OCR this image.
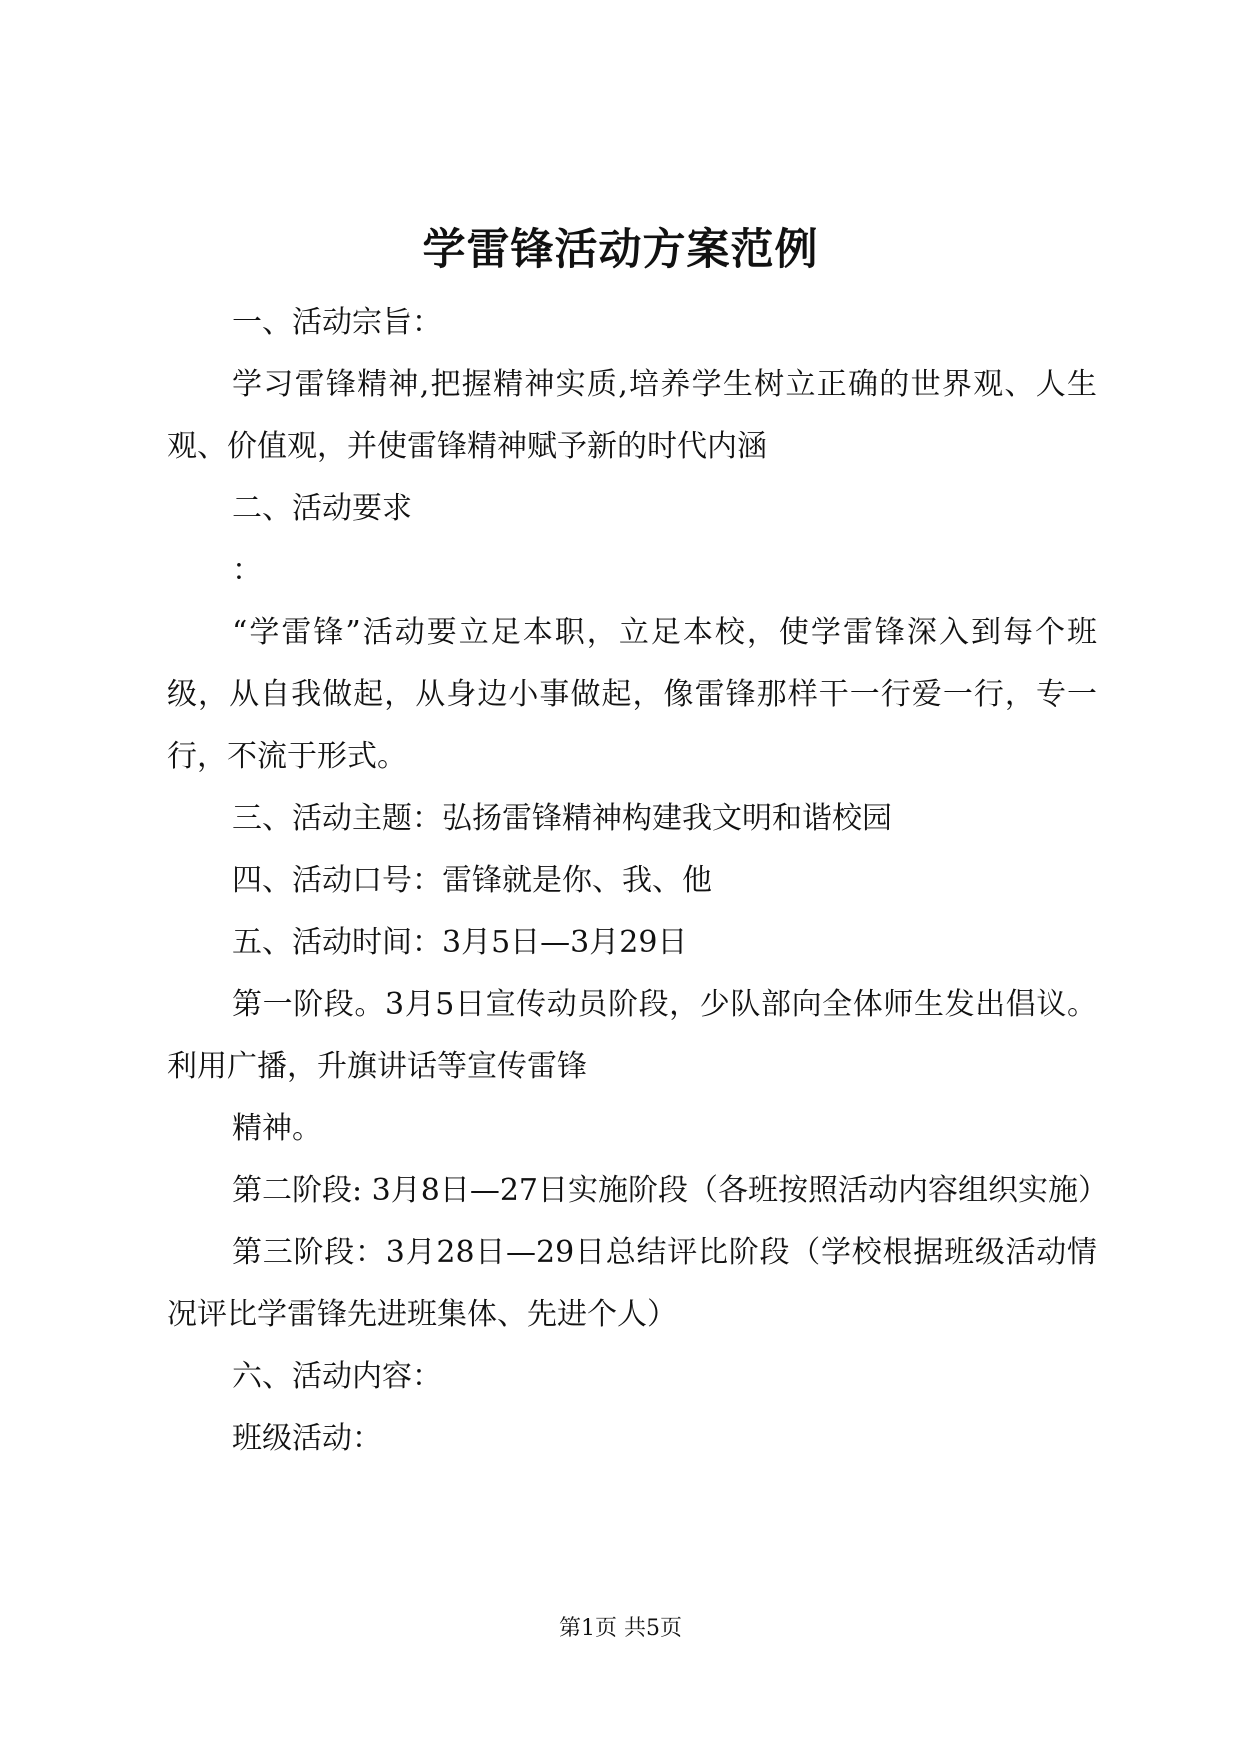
学雷锋活动方案范例

一、活动宗旨：

学习雷锋精神,把握精神实质,培养学生树立正确的世界观、人生观、价值观，并使雷锋精神赋予新的时代内涵

二、活动要求

：

“学雷锋”活动要立足本职，立足本校，使学雷锋深入到每个班级，从自我做起，从身边小事做起，像雷锋那样干一行爱一行，专一行，不流于形式。

三、活动主题：弘扬雷锋精神构建我文明和谐校园

四、活动口号：雷锋就是你、我、他

五、活动时间：3月5日—3月29日

第一阶段。3月5日宣传动员阶段，少队部向全体师生发出倡议。利用广播，升旗讲话等宣传雷锋

精神。

第二阶段: 3月8日—27日实施阶段（各班按照活动内容组织实施）

第三阶段：3月28日—29日总结评比阶段（学校根据班级活动情况评比学雷锋先进班集体、先进个人）

六、活动内容：

班级活动：

第1页 共5页
